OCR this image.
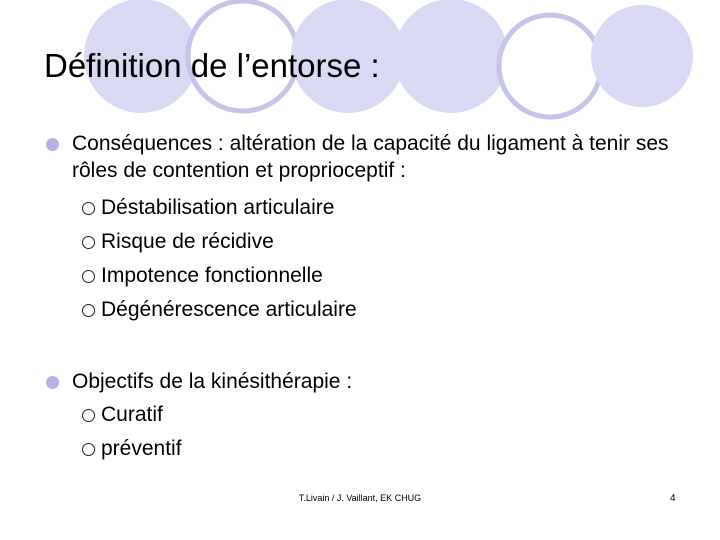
Définition de l’entorse :
Conséquences : altération de la capacité du ligament à tenir ses rôles de contention et proprioceptif :
Déstabilisation articulaire
Risque de récidive
Impotence fonctionnelle
Dégénérescence articulaire
Objectifs de la kinésithérapie :
Curatif
préventif
T.Livain / J. Vaillant, EK CHUG	4
